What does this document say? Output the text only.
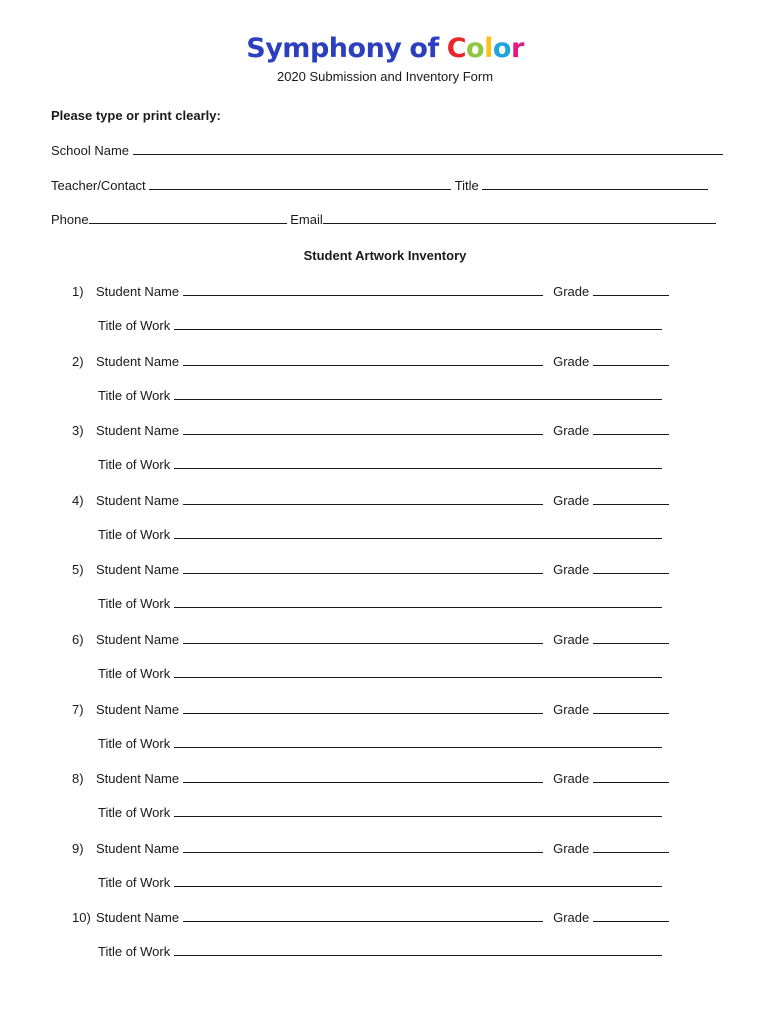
Symphony of Color
2020 Submission and Inventory Form
Please type or print clearly:
School Name
Teacher/Contact	Title
Phone	Email
Student Artwork Inventory
1) Student Name	Grade
Title of Work
2) Student Name	Grade
Title of Work
3) Student Name	Grade
Title of Work
4) Student Name	Grade
Title of Work
5) Student Name	Grade
Title of Work
6) Student Name	Grade
Title of Work
7) Student Name	Grade
Title of Work
8) Student Name	Grade
Title of Work
9) Student Name	Grade
Title of Work
10) Student Name	Grade
Title of Work
